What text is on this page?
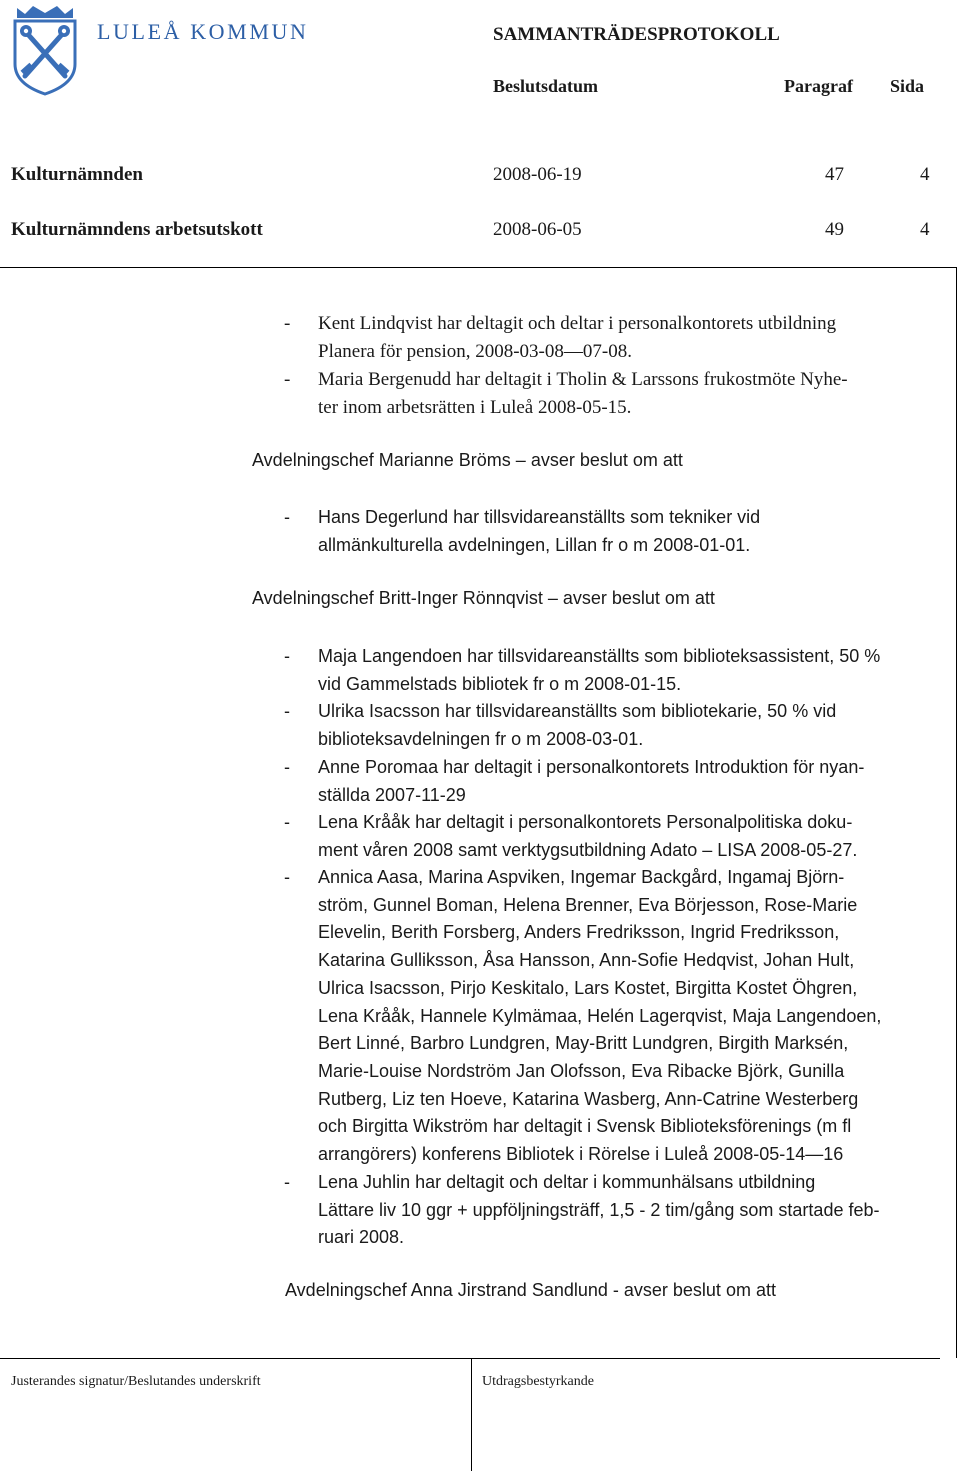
LULEÅ KOMMUN	SAMMANTRÄDESPROTOKOLL
Beslutsdatum	Paragraf Sida
Kulturnämnden	2008-06-19	47	4
Kulturnämndens arbetsutskott	2008-06-05	49	4
- Kent Lindqvist har deltagit och deltar i personalkontorets utbildning
Planera för pension, 2008-03-08—07-08.
- Maria Bergenudd har deltagit i Tholin & Larssons frukostmöte Nyhe-
ter inom arbetsrätten i Luleå 2008-05-15.
Avdelningschef Marianne Bröms – avser beslut om att
- Hans Degerlund har tillsvidareanställts som tekniker vid
allmänkulturella avdelningen, Lillan fr o m 2008-01-01.
Avdelningschef Britt-Inger Rönnqvist – avser beslut om att
- Maja Langendoen har tillsvidareanställts som biblioteksassistent, 50 %
vid Gammelstads bibliotek fr o m 2008-01-15.
- Ulrika Isacsson har tillsvidareanställts som bibliotekarie, 50 % vid
biblioteksavdelningen fr o m 2008-03-01.
- Anne Poromaa har deltagit i personalkontorets Introduktion för nyan-
ställda 2007-11-29
- Lena Krååk har deltagit i personalkontorets Personalpolitiska doku-
ment våren 2008 samt verktygsutbildning Adato – LISA 2008-05-27.
- Annica Aasa, Marina Aspviken, Ingemar Backgård, Ingamaj Björn-
ström, Gunnel Boman, Helena Brenner, Eva Börjesson, Rose-Marie
Elevelin, Berith Forsberg, Anders Fredriksson, Ingrid Fredriksson,
Katarina Gulliksson, Åsa Hansson, Ann-Sofie Hedqvist, Johan Hult,
Ulrica Isacsson, Pirjo Keskitalo, Lars Kostet, Birgitta Kostet Öhgren,
Lena Krååk, Hannele Kylmämaa, Helén Lagerqvist, Maja Langendoen,
Bert Linné, Barbro Lundgren, May-Britt Lundgren, Birgith Marksén,
Marie-Louise Nordström Jan Olofsson, Eva Ribacke Björk, Gunilla
Rutberg, Liz ten Hoeve, Katarina Wasberg, Ann-Catrine Westerberg
och Birgitta Wikström har deltagit i Svensk Biblioteksförenings (m fl
arrangörers) konferens Bibliotek i Rörelse i Luleå 2008-05-14—16
- Lena Juhlin har deltagit och deltar i kommunhälsans utbildning
Lättare liv 10 ggr + uppföljningsträff, 1,5 - 2 tim/gång som startade feb-
ruari 2008.
Avdelningschef Anna Jirstrand Sandlund - avser beslut om att
Justerandes signatur/Beslutandes underskrift	Utdragsbestyrkande
